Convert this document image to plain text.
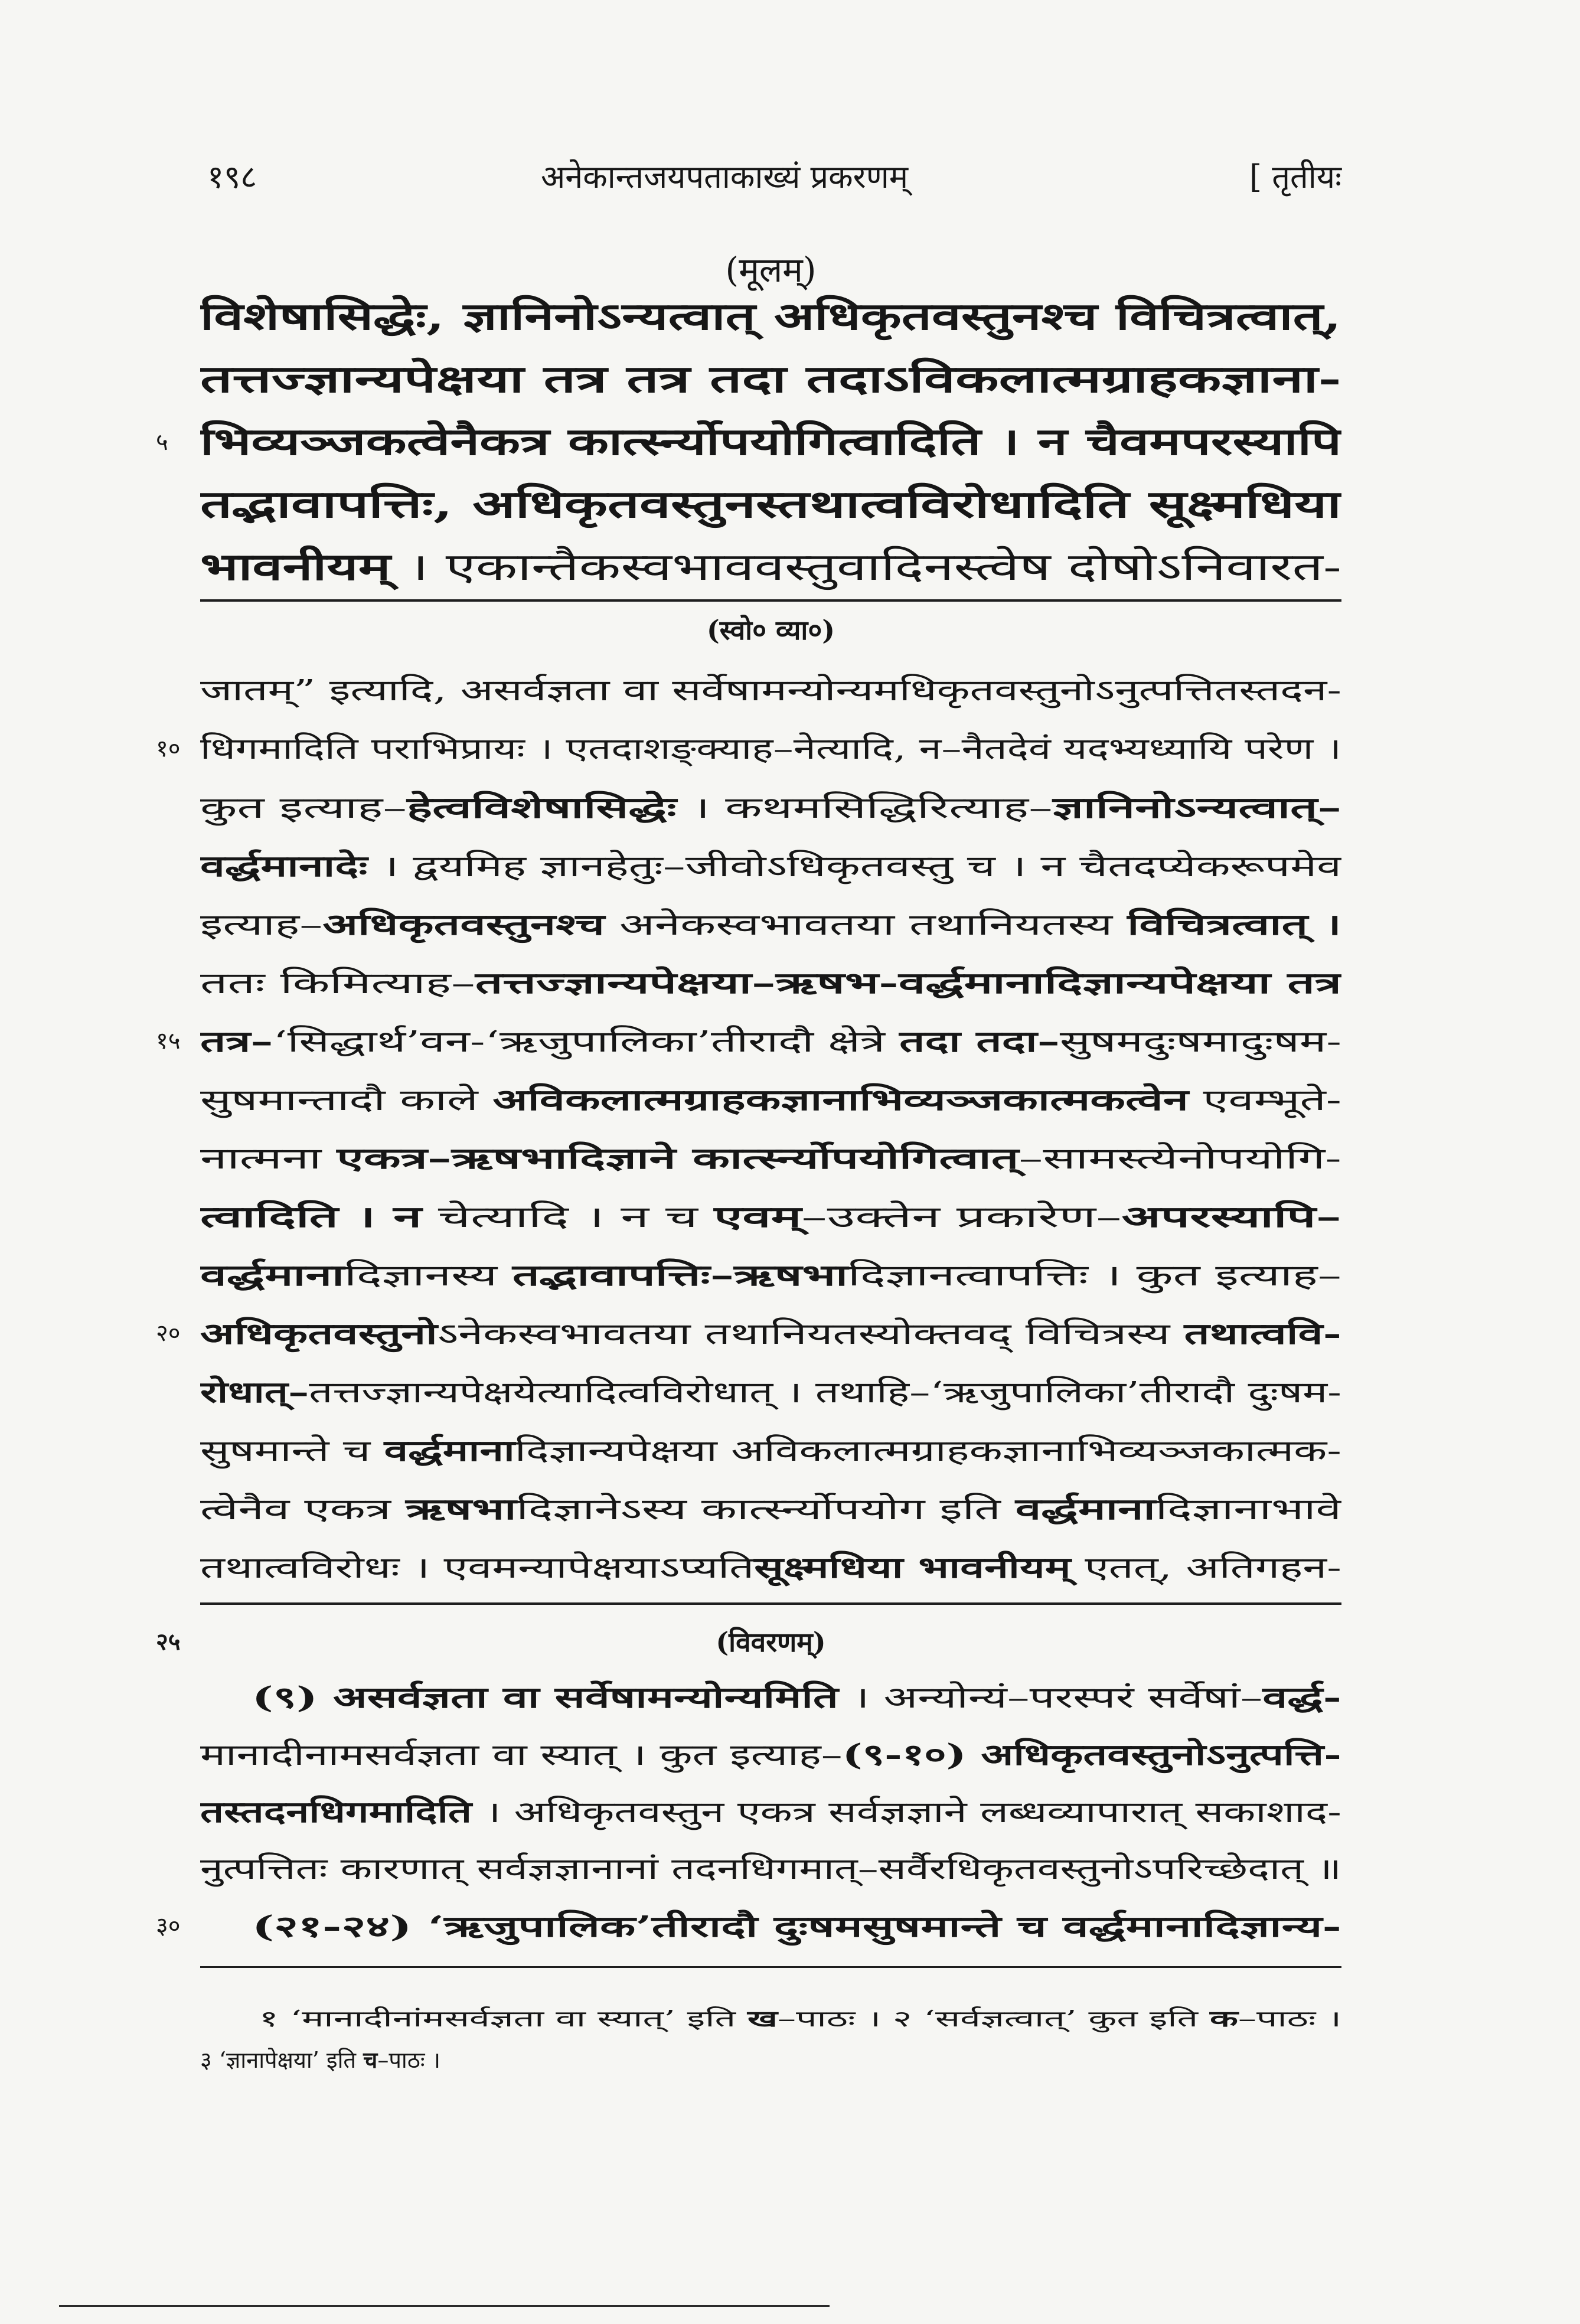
१९८	अनेकान्तजयपताकाख्यं प्रकरणम्	[ तृतीयः
(मूलम्)
विशेषासिद्धेः, ज्ञानिनोऽन्यत्वात् अधिकृतवस्तुनश्च विचित्रत्वात्,
तत्तज्ज्ञान्यपेक्षया तत्र तत्र तदा तदाऽविकलात्मग्राहकज्ञाना-
५ भिव्यञ्जकत्वेनैकत्र कार्त्स्न्योपयोगित्वादिति । न चैवमपरस्यापि
तद्भावापत्तिः, अधिकृतवस्तुनस्तथात्वविरोधादिति सूक्ष्मधिया
भावनीयम् । एकान्तैकस्वभाववस्तुवादिनस्त्वेष दोषोऽनिवारत-
(स्वो० व्या०)
जातम्” इत्यादि, असर्वज्ञता वा सर्वेषामन्योन्यमधिकृतवस्तुनोऽनुत्पत्तितस्तदन-
१० धिगमादिति पराभिप्रायः । एतदाशङ्क्याह–नेत्यादि, न–नैतदेवं यदभ्यध्यायि परेण ।
कुत इत्याह–हेत्वविशेषासिद्धेः । कथमसिद्धिरित्याह–ज्ञानिनोऽन्यत्वात्–
वर्द्धमानादेः । द्वयमिह ज्ञानहेतुः–जीवोऽधिकृतवस्तु च । न चैतदप्येकरूपमेव
इत्याह–अधिकृतवस्तुनश्च अनेकस्वभावतया तथानियतस्य विचित्रत्वात् ।
ततः किमित्याह–तत्तज्ज्ञान्यपेक्षया–ऋषभ-वर्द्धमानादिज्ञान्यपेक्षया तत्र
१५ तत्र–‘सिद्धार्थ’वन-‘ऋजुपालिका’तीरादौ क्षेत्रे तदा तदा–सुषमदुःषमादुःषम-
सुषमान्तादौ काले अविकलात्मग्राहकज्ञानाभिव्यञ्जकात्मकत्वेन एवम्भूते-
नात्मना एकत्र–ऋषभादिज्ञाने कार्त्स्न्योपयोगित्वात्–सामस्त्येनोपयोगि-
त्वादिति । न चेत्यादि । न च एवम्–उक्तेन प्रकारेण–अपरस्यापि–
वर्द्धमानादिज्ञानस्य तद्भावापत्तिः–ऋषभादिज्ञानत्वापत्तिः । कुत इत्याह–
२० अधिकृतवस्तुनोऽनेकस्वभावतया तथानियतस्योक्तवद् विचित्रस्य तथात्ववि-
रोधात्–तत्तज्ज्ञान्यपेक्षयेत्यादित्वविरोधात् । तथाहि–‘ऋजुपालिका’तीरादौ दुःषम-
सुषमान्ते च वर्द्धमानादिज्ञान्यपेक्षया अविकलात्मग्राहकज्ञानाभिव्यञ्जकात्मक-
त्वेनैव एकत्र ऋषभादिज्ञानेऽस्य कार्त्स्न्योपयोग इति वर्द्धमानादिज्ञानाभावे
तथात्वविरोधः । एवमन्यापेक्षयाऽप्यतिसूक्ष्मधिया भावनीयम् एतत्, अतिगहन-
२५	(विवरणम्)
(९) असर्वज्ञता वा सर्वेषामन्योन्यमिति । अन्योन्यं–परस्परं सर्वेषां–वर्द्ध-
मानादीनामसर्वज्ञता वा स्यात् । कुत इत्याह–(९-१०) अधिकृतवस्तुनोऽनुत्पत्ति-
तस्तदनधिगमादिति । अधिकृतवस्तुन एकत्र सर्वज्ञज्ञाने लब्धव्यापारात् सकाशाद-
नुत्पत्तितः कारणात् सर्वज्ञज्ञानानां तदनधिगमात्–सर्वैरधिकृतवस्तुनोऽपरिच्छेदात् ॥
३० (२१-२४) ‘ऋजुपालिक’तीरादौ दुःषमसुषमान्ते च वर्द्धमानादिज्ञान्य-
१ ‘मानादीनांमसर्वज्ञता वा स्यात्’ इति ख–पाठः । २ ‘सर्वज्ञत्वात्’ कुत इति क–पाठः ।
३ ‘ज्ञानापेक्षया’ इति च–पाठः ।
